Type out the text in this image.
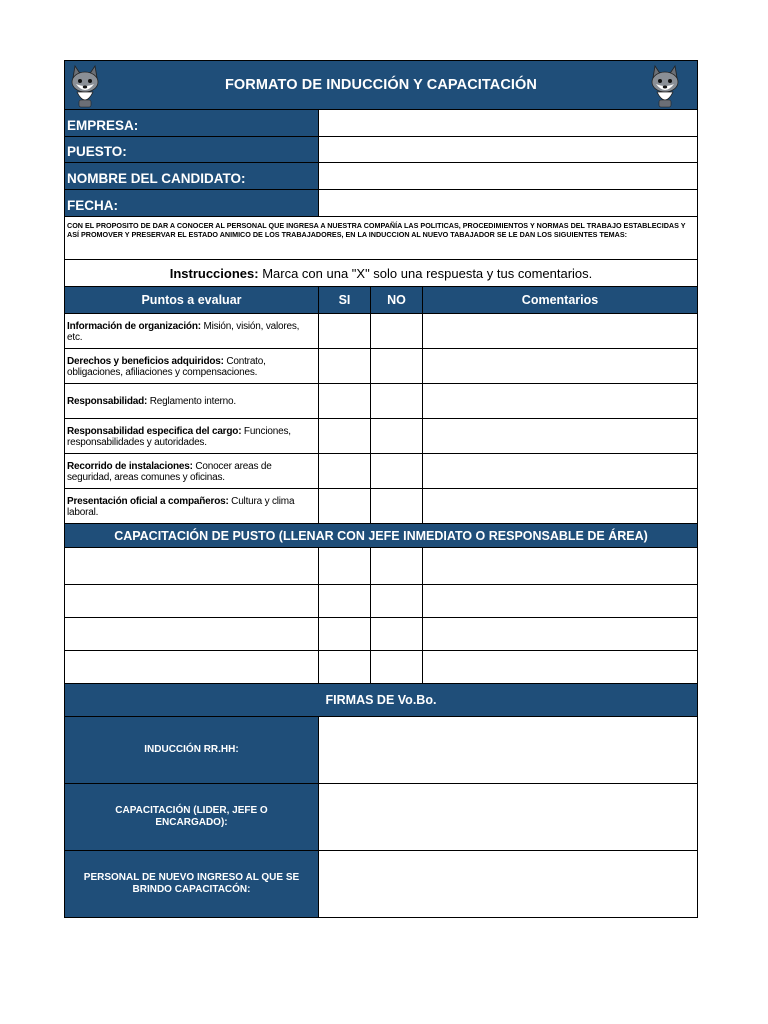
FORMATO DE INDUCCIÓN Y CAPACITACIÓN
EMPRESA:
PUESTO:
NOMBRE DEL CANDIDATO:
FECHA:
CON EL PROPOSITO DE DAR A CONOCER AL PERSONAL QUE INGRESA A NUESTRA COMPAÑÍA LAS POLITICAS, PROCEDIMIENTOS Y NORMAS DEL TRABAJO ESTABLECIDAS Y ASÍ PROMOVER Y PRESERVAR EL ESTADO ANIMICO DE LOS TRABAJADORES, EN LA INDUCCION AL NUEVO TABAJADOR SE LE DAN LOS SIGUIENTES TEMAS:
Instrucciones: Marca con una "X" solo una respuesta y tus comentarios.
Puntos a evaluar	SI	NO	Comentarios
Información de organización: Misión, visión, valores, etc.
Derechos y beneficios adquiridos: Contrato, obligaciones, afiliaciones y compensaciones.
Responsabilidad: Reglamento interno.
Responsabilidad especifica del cargo: Funciones, responsabilidades y autoridades.
Recorrido de instalaciones: Conocer areas de seguridad, areas comunes y oficinas.
Presentación oficial a compañeros: Cultura y clima laboral.
CAPACITACIÓN DE PUSTO (LLENAR CON JEFE INMEDIATO O RESPONSABLE DE ÁREA)
FIRMAS DE Vo.Bo.
INDUCCIÓN RR.HH:
CAPACITACIÓN (LIDER, JEFE O ENCARGADO):
PERSONAL DE NUEVO INGRESO AL QUE SE BRINDO CAPACITACÓN:
